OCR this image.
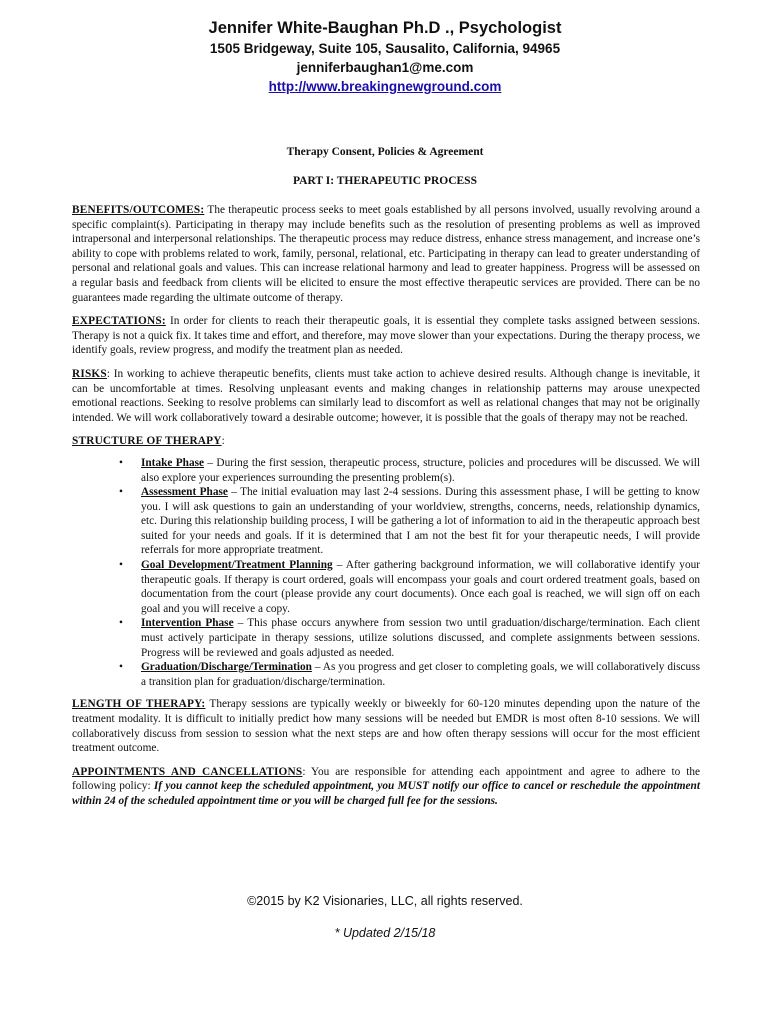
Jennifer White-Baughan Ph.D ., Psychologist
1505 Bridgeway, Suite 105, Sausalito, California, 94965
jenniferbaughan1@me.com
http://www.breakingnewground.com
Therapy Consent, Policies & Agreement
PART I: THERAPEUTIC PROCESS

BENEFITS/OUTCOMES: The therapeutic process seeks to meet goals established by all persons involved, usually revolving around a specific complaint(s). Participating in therapy may include benefits such as the resolution of presenting problems as well as improved intrapersonal and interpersonal relationships. The therapeutic process may reduce distress, enhance stress management, and increase one’s ability to cope with problems related to work, family, personal, relational, etc. Participating in therapy can lead to greater understanding of personal and relational goals and values. This can increase relational harmony and lead to greater happiness. Progress will be assessed on a regular basis and feedback from clients will be elicited to ensure the most effective therapeutic services are provided. There can be no guarantees made regarding the ultimate outcome of therapy.

EXPECTATIONS: In order for clients to reach their therapeutic goals, it is essential they complete tasks assigned between sessions. Therapy is not a quick fix. It takes time and effort, and therefore, may move slower than your expectations. During the therapy process, we identify goals, review progress, and modify the treatment plan as needed.

RISKS: In working to achieve therapeutic benefits, clients must take action to achieve desired results. Although change is inevitable, it can be uncomfortable at times. Resolving unpleasant events and making changes in relationship patterns may arouse unexpected emotional reactions. Seeking to resolve problems can similarly lead to discomfort as well as relational changes that may not be originally intended. We will work collaboratively toward a desirable outcome; however, it is possible that the goals of therapy may not be reached.

STRUCTURE OF THERAPY:

• Intake Phase – During the first session, therapeutic process, structure, policies and procedures will be discussed. We will also explore your experiences surrounding the presenting problem(s).
• Assessment Phase – The initial evaluation may last 2-4 sessions. During this assessment phase, I will be getting to know you. I will ask questions to gain an understanding of your worldview, strengths, concerns, needs, relationship dynamics, etc. During this relationship building process, I will be gathering a lot of information to aid in the therapeutic approach best suited for your needs and goals. If it is determined that I am not the best fit for your therapeutic needs, I will provide referrals for more appropriate treatment.
• Goal Development/Treatment Planning – After gathering background information, we will collaborative identify your therapeutic goals. If therapy is court ordered, goals will encompass your goals and court ordered treatment goals, based on documentation from the court (please provide any court documents). Once each goal is reached, we will sign off on each goal and you will receive a copy.
• Intervention Phase – This phase occurs anywhere from session two until graduation/discharge/termination. Each client must actively participate in therapy sessions, utilize solutions discussed, and complete assignments between sessions. Progress will be reviewed and goals adjusted as needed.
• Graduation/Discharge/Termination – As you progress and get closer to completing goals, we will collaboratively discuss a transition plan for graduation/discharge/termination.

LENGTH OF THERAPY: Therapy sessions are typically weekly or biweekly for 60-120 minutes depending upon the nature of the treatment modality. It is difficult to initially predict how many sessions will be needed but EMDR is most often 8-10 sessions. We will collaboratively discuss from session to session what the next steps are and how often therapy sessions will occur for the most efficient treatment outcome.

APPOINTMENTS AND CANCELLATIONS: You are responsible for attending each appointment and agree to adhere to the following policy: If you cannot keep the scheduled appointment, you MUST notify our office to cancel or reschedule the appointment within 24 of the scheduled appointment time or you will be charged full fee for the sessions.

©2015 by K2 Visionaries, LLC, all rights reserved.
* Updated 2/15/18
